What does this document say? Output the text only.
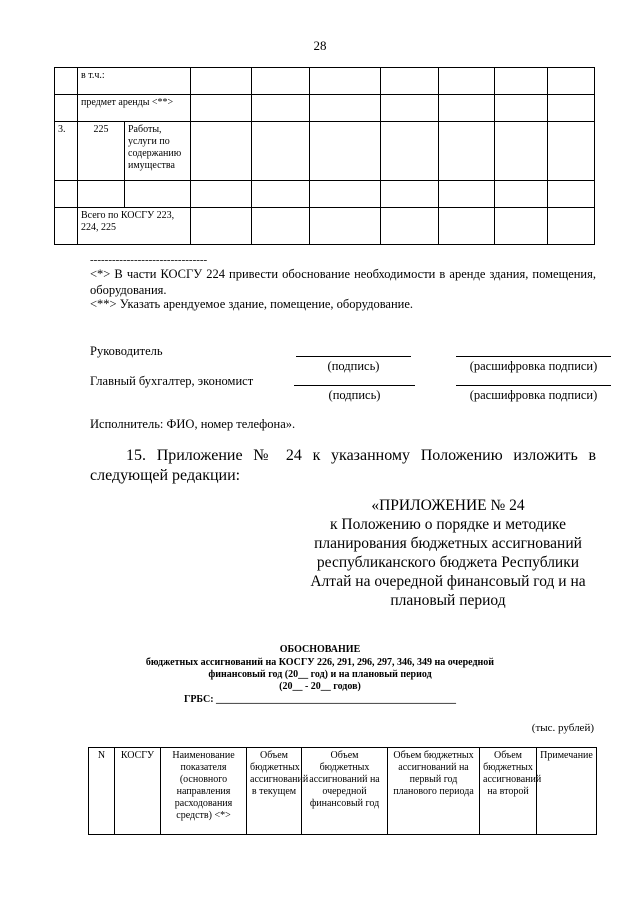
28
	в т.ч.:								
	предмет аренды <**>								
3.	225	Работы, услуги по содержанию имущества							

	Всего по КОСГУ 223, 224, 225								
--------------------------------
<*> В части КОСГУ 224 привести обоснование необходимости в аренде здания, помещения, оборудования.
<**> Указать арендуемое здание, помещение, оборудование.
Руководитель
(подпись)	(расшифровка подписи)
Главный бухгалтер, экономист
(подпись)	(расшифровка подписи)
Исполнитель: ФИО, номер телефона».
15. Приложение № 24 к указанному Положению изложить в следующей редакции:
«ПРИЛОЖЕНИЕ № 24
к Положению о порядке и методике
планирования бюджетных ассигнований
республиканского бюджета Республики
Алтай на очередной финансовый год и на
плановый период
ОБОСНОВАНИЕ
бюджетных ассигнований на КОСГУ 226, 291, 296, 297, 346, 349 на очередной
финансовый год (20__ год) и на плановый период
(20__ - 20__ годов)
ГРБС: ________________________________________________
(тыс. рублей)
N	КОСГУ	Наименование показателя (основного направления расходования средств) <*>	Объем бюджетных ассигнований в текущем	Объем бюджетных ассигнований на очередной финансовый год	Объем бюджетных ассигнований на первый год планового периода	Объем бюджетных ассигнований на второй	Примечание
